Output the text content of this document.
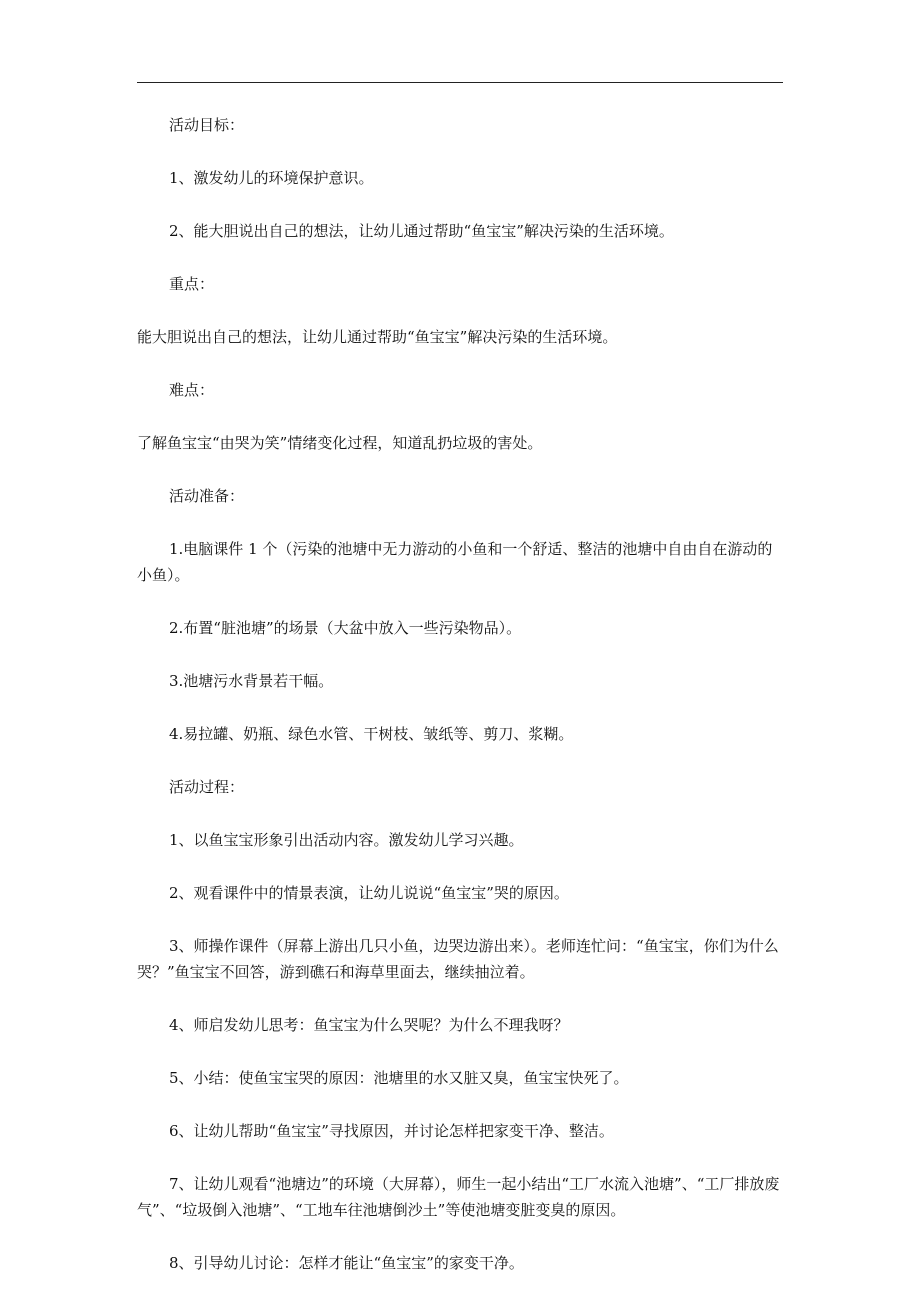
活动目标：

1、激发幼儿的环境保护意识。

2、能大胆说出自己的想法，让幼儿通过帮助“鱼宝宝”解决污染的生活环境。

重点：

能大胆说出自己的想法，让幼儿通过帮助“鱼宝宝”解决污染的生活环境。

难点：

了解鱼宝宝“由哭为笑”情绪变化过程，知道乱扔垃圾的害处。

活动准备：

1.电脑课件 1 个（污染的池塘中无力游动的小鱼和一个舒适、整洁的池塘中自由自在游动的小鱼）。

2.布置“脏池塘”的场景（大盆中放入一些污染物品）。

3.池塘污水背景若干幅。

4.易拉罐、奶瓶、绿色水管、干树枝、皱纸等、剪刀、浆糊。

活动过程：

1、以鱼宝宝形象引出活动内容。激发幼儿学习兴趣。

2、观看课件中的情景表演，让幼儿说说“鱼宝宝”哭的原因。

3、师操作课件（屏幕上游出几只小鱼，边哭边游出来）。老师连忙问：“鱼宝宝，你们为什么哭？”鱼宝宝不回答，游到礁石和海草里面去，继续抽泣着。

4、师启发幼儿思考：鱼宝宝为什么哭呢？为什么不理我呀？

5、小结：使鱼宝宝哭的原因：池塘里的水又脏又臭，鱼宝宝快死了。

6、让幼儿帮助“鱼宝宝”寻找原因，并讨论怎样把家变干净、整洁。

7、让幼儿观看“池塘边”的环境（大屏幕），师生一起小结出“工厂水流入池塘”、“工厂排放废气”、“垃圾倒入池塘”、“工地车往池塘倒沙土”等使池塘变脏变臭的原因。

8、引导幼儿讨论：怎样才能让“鱼宝宝”的家变干净。
